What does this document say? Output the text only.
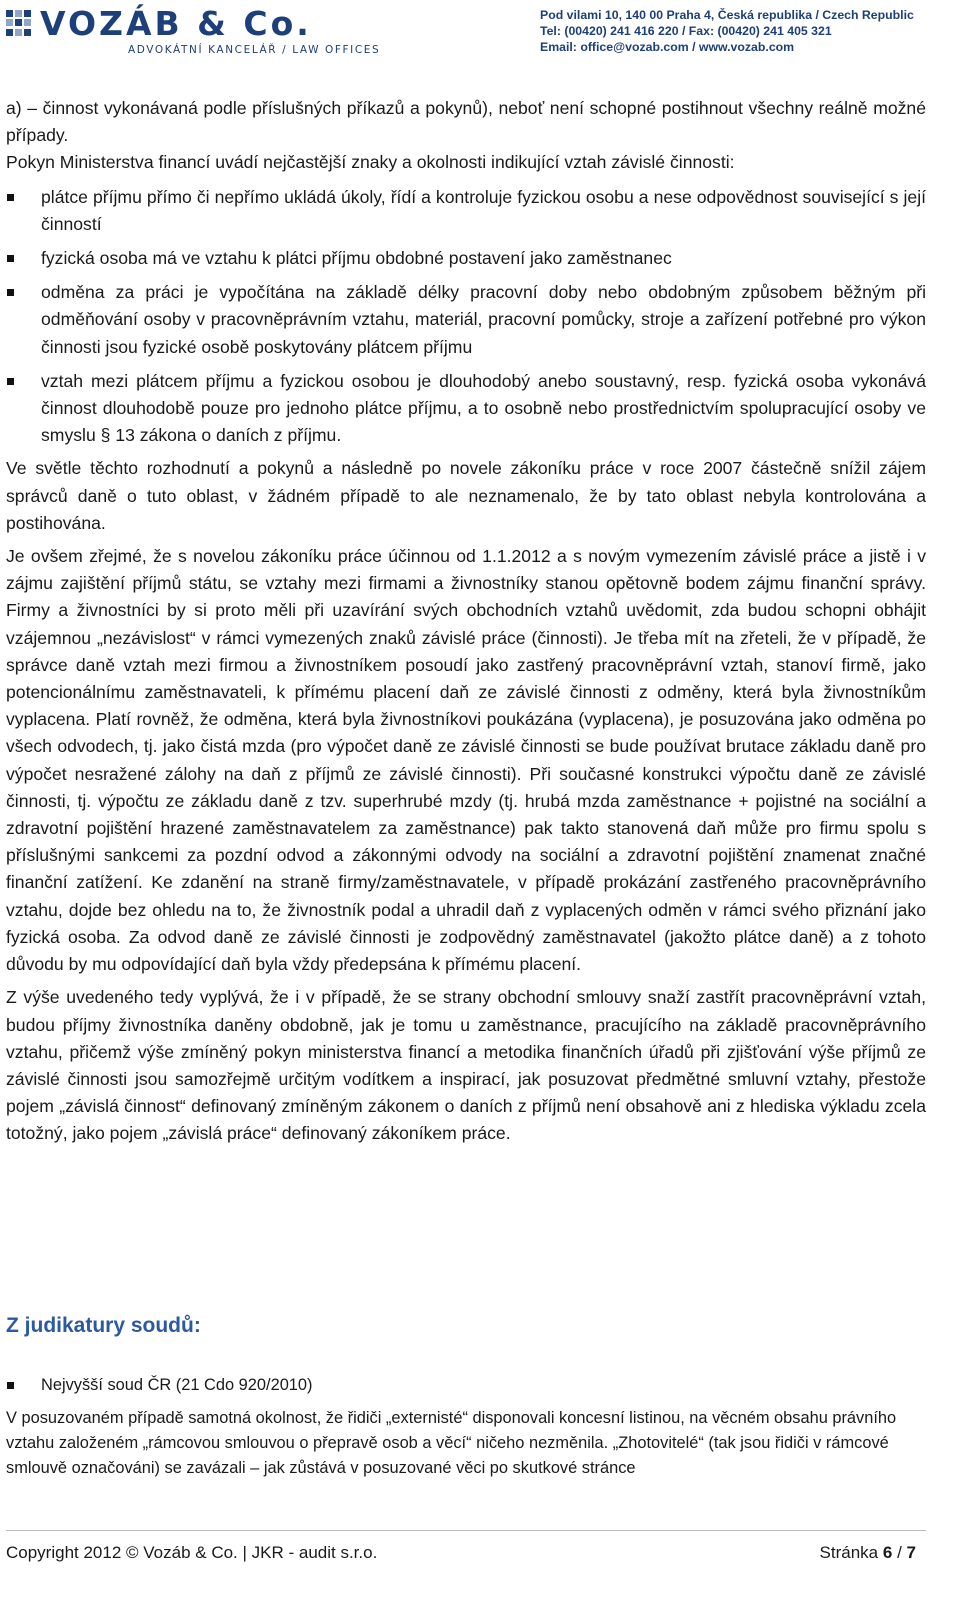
VOZÁB & Co.
ADVOKÁTNÍ KANCELÁŘ / LAW OFFICES
Pod vilami 10, 140 00 Praha 4, Česká republika / Czech Republic
Tel: (00420) 241 416 220 / Fax: (00420) 241 405 321
Email: office@vozab.com / www.vozab.com

a) – činnost vykonávaná podle příslušných příkazů a pokynů), neboť není schopné postihnout všechny reálně možné případy.

Pokyn Ministerstva financí uvádí nejčastější znaky a okolnosti indikující vztah závislé činnosti:

plátce příjmu přímo či nepřímo ukládá úkoly, řídí a kontroluje fyzickou osobu a nese odpovědnost související s její činností
fyzická osoba má ve vztahu k plátci příjmu obdobné postavení jako zaměstnanec
odměna za práci je vypočítána na základě délky pracovní doby nebo obdobným způsobem běžným při odměňování osoby v pracovněprávním vztahu, materiál, pracovní pomůcky, stroje a zařízení potřebné pro výkon činnosti jsou fyzické osobě poskytovány plátcem příjmu
vztah mezi plátcem příjmu a fyzickou osobou je dlouhodobý anebo soustavný, resp. fyzická osoba vykonává činnost dlouhodobě pouze pro jednoho plátce příjmu, a to osobně nebo prostřednictvím spolupracující osoby ve smyslu § 13 zákona o daních z příjmu.

Ve světle těchto rozhodnutí a pokynů a následně po novele zákoníku práce v roce 2007 částečně snížil zájem správců daně o tuto oblast, v žádném případě to ale neznamenalo, že by tato oblast nebyla kontrolována a postihována.

Je ovšem zřejmé, že s novelou zákoníku práce účinnou od 1.1.2012 a s novým vymezením závislé práce a jistě i v zájmu zajištění příjmů státu, se vztahy mezi firmami a živnostníky stanou opětovně bodem zájmu finanční správy. Firmy a živnostníci by si proto měli při uzavírání svých obchodních vztahů uvědomit, zda budou schopni obhájit vzájemnou „nezávislost“ v rámci vymezených znaků závislé práce (činnosti). Je třeba mít na zřeteli, že v případě, že správce daně vztah mezi firmou a živnostníkem posoudí jako zastřený pracovněprávní vztah, stanoví firmě, jako potencionálnímu zaměstnavateli, k přímému placení daň ze závislé činnosti z odměny, která byla živnostníkům vyplacena. Platí rovněž, že odměna, která byla živnostníkovi poukázána (vyplacena), je posuzována jako odměna po všech odvodech, tj. jako čistá mzda (pro výpočet daně ze závislé činnosti se bude používat brutace základu daně pro výpočet nesražené zálohy na daň z příjmů ze závislé činnosti). Při současné konstrukci výpočtu daně ze závislé činnosti, tj. výpočtu ze základu daně z tzv. superhrubé mzdy (tj. hrubá mzda zaměstnance + pojistné na sociální a zdravotní pojištění hrazené zaměstnavatelem za zaměstnance) pak takto stanovená daň může pro firmu spolu s příslušnými sankcemi za pozdní odvod a zákonnými odvody na sociální a zdravotní pojištění znamenat značné finanční zatížení. Ke zdanění na straně firmy/zaměstnavatele, v případě prokázání zastřeného pracovněprávního vztahu, dojde bez ohledu na to, že živnostník podal a uhradil daň z vyplacených odměn v rámci svého přiznání jako fyzická osoba. Za odvod daně ze závislé činnosti je zodpovědný zaměstnavatel (jakožto plátce daně) a z tohoto důvodu by mu odpovídající daň byla vždy předepsána k přímému placení.

Z výše uvedeného tedy vyplývá, že i v případě, že se strany obchodní smlouvy snaží zastřít pracovněprávní vztah, budou příjmy živnostníka daněny obdobně, jak je tomu u zaměstnance, pracujícího na základě pracovněprávního vztahu, přičemž výše zmíněný pokyn ministerstva financí a metodika finančních úřadů při zjišťování výše příjmů ze závislé činnosti jsou samozřejmě určitým vodítkem a inspirací, jak posuzovat předmětné smluvní vztahy, přestože pojem „závislá činnost“ definovaný zmíněným zákonem o daních z příjmů není obsahově ani z hlediska výkladu zcela totožný, jako pojem „závislá práce“ definovaný zákoníkem práce.

Z judikatury soudů:
Nejvyšší soud ČR (21 Cdo 920/2010)

V posuzovaném případě samotná okolnost, že řidiči „externisté“ disponovali koncesní listinou, na věcném obsahu právního vztahu založeném „rámcovou smlouvou o přepravě osob a věcí“ ničeho nezměnila. „Zhotovitelé“ (tak jsou řidiči v rámcové smlouvě označováni) se zavázali – jak zůstává v posuzované věci po skutkové stránce

Copyright 2012 © Vozáb & Co. | JKR - audit s.r.o.	Stránka 6 / 7
